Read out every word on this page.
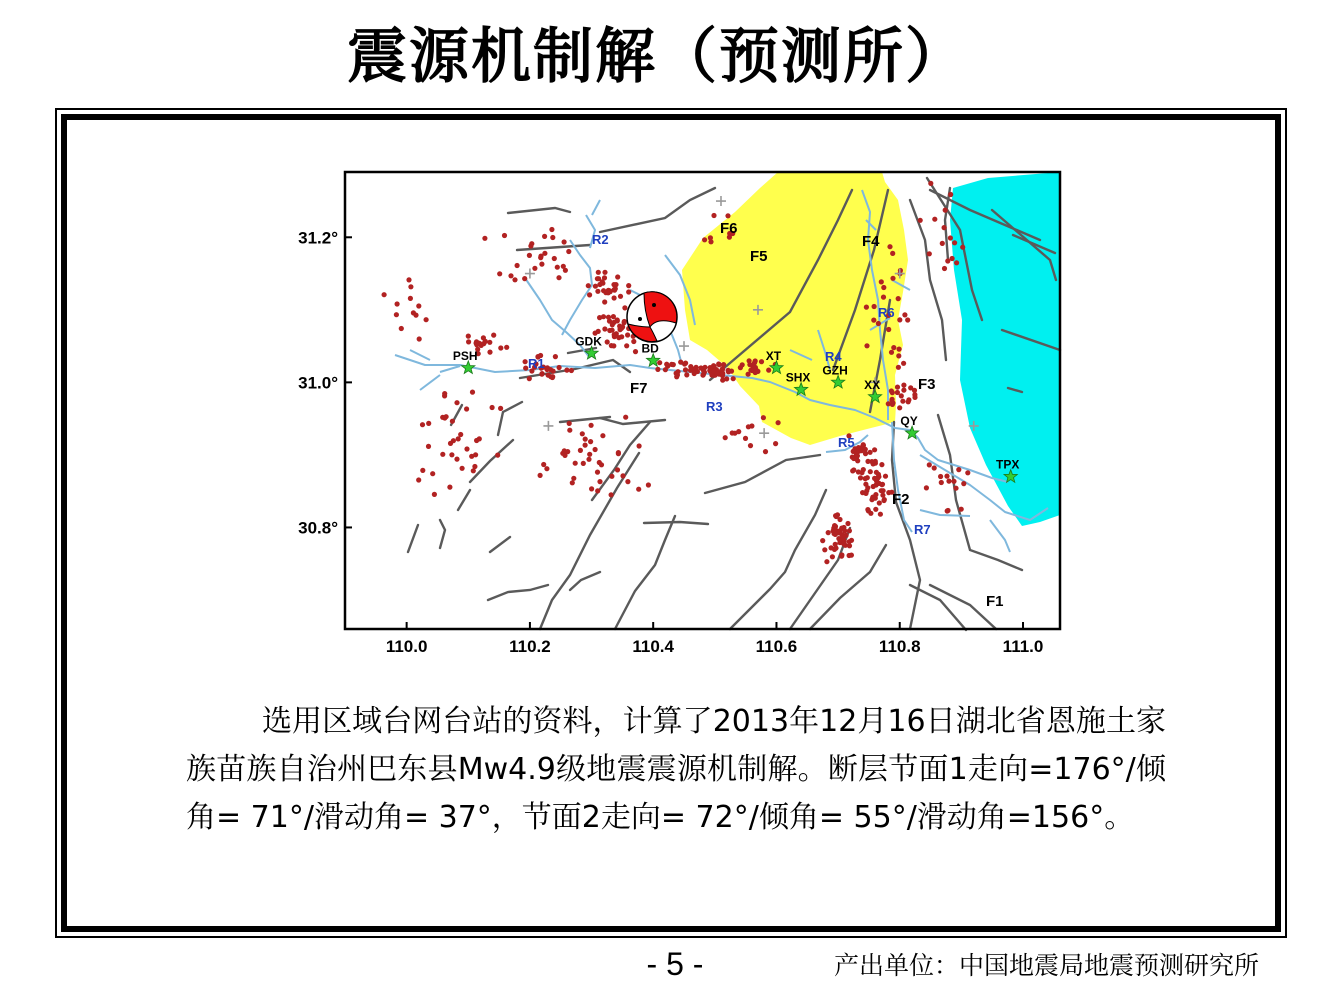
震源机制解（预测所）
PSH
GDK
BD
XT
SHX
GZH
XX
QY
TPX
F1
F2
F3
F4
F5
F6
F7
R1
R2
R3
R4
R5
R6
R7
110.0	110.2	110.4	110.6	110.8	111.0
31.2°
31.0°
30.8°

选用区域台网台站的资料，计算了2013年12月16日湖北省恩施土家族苗族自治州巴东县Mw4.9级地震震源机制解。断层节面1走向=176°/倾角= 71°/滑动角= 37°，节面2走向= 72°/倾角= 55°/滑动角=156°。

- 5 -	产出单位：中国地震局地震预测研究所
